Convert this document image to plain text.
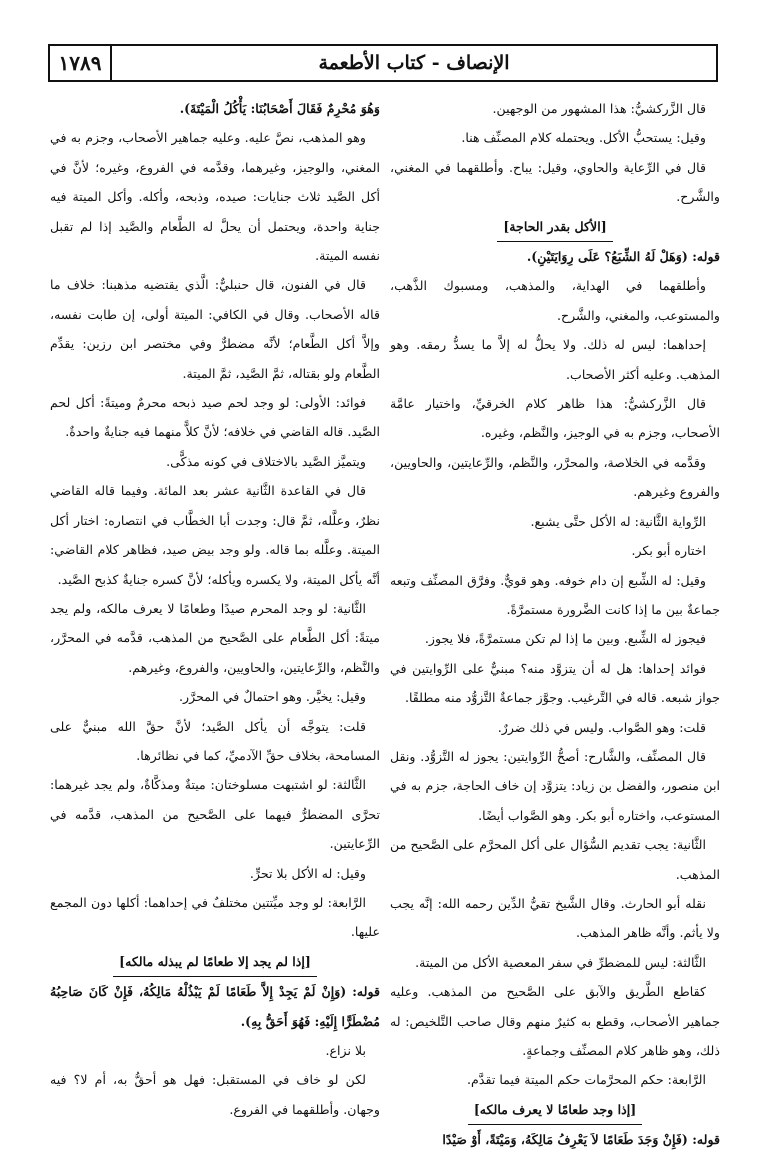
الإنصاف - كتاب الأطعمة
١٧٨٩

قال الزَّركشيُّ: هذا المشهور من الوجهين.

وقيل: يستحبُّ الأكل. ويحتمله كلام المصنِّف هنا.

قال في الرِّعاية والحاوي، وقيل: يباح. وأطلقهما في المغني، والشَّرح.

[الأكل بقدر الحاجة]

قوله: (وَهَلْ لَهُ الشِّبَعُ؟ عَلَى رِوَايَتَيْنِ).

وأطلقهما في الهداية، والمذهب، ومسبوك الذَّهب، والمستوعب، والمغني، والشَّرح.

إحداهما: ليس له ذلك. ولا يحلُّ له إلاَّ ما يسدُّ رمقه. وهو المذهب. وعليه أكثر الأصحاب.

قال الزَّركشيُّ: هذا ظاهر كلام الخرقيِّ، واختيار عامَّة الأصحاب، وجزم به في الوجيز، والنَّظم، وغيره.

وقدَّمه في الخلاصة، والمحرَّر، والنَّظم، والرِّعايتين، والحاويين، والفروع وغيرهم.

الرِّواية الثَّانية: له الأكل حتَّى يشبع.

اختاره أبو بكر.

وقيل: له الشِّبع إن دام خوفه. وهو قويٌّ. وفرَّق المصنِّف وتبعه جماعةٌ بين ما إذا كانت الضَّرورة مستمرَّةً.

فيجوز له الشِّبع. وبين ما إذا لم تكن مستمرَّةً، فلا يجوز.

فوائد إحداها: هل له أن يتزوَّد منه؟ مبنيٌّ على الرِّوايتين في جواز شبعه. قاله في التَّرغيب. وجوَّز جماعةٌ التَّزوُّد منه مطلقًا.

قلت: وهو الصَّواب. وليس في ذلك ضررٌ.

قال المصنِّف، والشَّارح: أصحُّ الرِّوايتين: يجوز له التَّزوُّد. ونقل ابن منصور، والفضل بن زياد: يتزوَّد إن خاف الحاجة، جزم به في المستوعب، واختاره أبو بكر. وهو الصَّواب أيضًا.

الثَّانية: يجب تقديم السُّؤال على أكل المحرَّم على الصَّحيح من المذهب.

نقله أبو الحارث. وقال الشَّيخ تقيُّ الدِّين رحمه الله: إنَّه يجب ولا يأثم. وأنَّه ظاهر المذهب.

الثَّالثة: ليس للمضطرِّ في سفر المعصية الأكل من الميتة.

كقاطع الطَّريق والآبق على الصَّحيح من المذهب. وعليه جماهير الأصحاب، وقطع به كثيرٌ منهم وقال صاحب التَّلخيص: له ذلك، وهو ظاهر كلام المصنِّف وجماعةٍ.

الرَّابعة: حكم المحرَّمات حكم الميتة فيما تقدَّم.

[إذا وجد طعامًا لا يعرف مالكه]

قوله: (فَإِنْ وَجَدَ طَعَامًا لاَ يَعْرِفُ مَالِكَهُ، وَمَيْتَةً، أَوْ صَيْدًا

وَهُوَ مُحْرِمٌ فَقَالَ أَصْحَابُنَا: يَأْكُلُ الْمَيْتَةَ).

وهو المذهب، نصَّ عليه. وعليه جماهير الأصحاب، وجزم به في المغني، والوجيز، وغيرهما، وقدَّمه في الفروع، وغيره؛ لأنَّ في أكل الصَّيد ثلاث جنايات: صيده، وذبحه، وأكله. وأكل الميتة فيه جناية واحدة، ويحتمل أن يحلَّ له الطَّعام والصَّيد إذا لم تقبل نفسه الميتة.

قال في الفنون، قال حنبليٌّ: الَّذي يقتضيه مذهبنا: خلاف ما قاله الأصحاب. وقال في الكافي: الميتة أولى، إن طابت نفسه، وإلاَّ أكل الطَّعام؛ لأنَّه مضطرٌّ وفي مختصر ابن رزين: يقدِّم الطَّعام ولو بقتاله، ثمَّ الصَّيد، ثمَّ الميتة.

فوائد: الأولى: لو وجد لحم صيد ذبحه محرمٌ وميتةً: أكل لحم الصَّيد. قاله القاضي في خلافه؛ لأنَّ كلاًّ منهما فيه جنايةٌ واحدةٌ.

ويتميَّز الصَّيد بالاختلاف في كونه مذكًّى.

قال في القاعدة الثَّانية عشر بعد المائة. وفيما قاله القاضي نظرٌ، وعلَّله، ثمَّ قال: وجدت أبا الخطَّاب في انتصاره: اختار أكل الميتة. وعلَّله بما قاله. ولو وجد بيض صيد، فظاهر كلام القاضي: أنَّه يأكل الميتة، ولا يكسره ويأكله؛ لأنَّ كسره جنايةٌ كذبح الصَّيد.

الثَّانية: لو وجد المحرم صيدًا وطعامًا لا يعرف مالكه، ولم يجد ميتةً: أكل الطَّعام على الصَّحيح من المذهب، قدَّمه في المحرَّر، والنَّظم، والرِّعايتين، والحاويين، والفروع، وغيرهم.

وقيل: يخيَّر. وهو احتمالٌ في المحرَّر.

قلت: يتوجَّه أن يأكل الصَّيد؛ لأنَّ حقَّ الله مبنيٌّ على المسامحة، بخلاف حقِّ الآدميِّ، كما في نظائرها.

الثَّالثة: لو اشتبهت مسلوختان: ميتةٌ ومذكَّاةٌ، ولم يجد غيرهما: تحرَّى المضطرُّ فيهما على الصَّحيح من المذهب، قدَّمه في الرِّعايتين.

وقيل: له الأكل بلا تحرٍّ.

الرَّابعة: لو وجد ميِّتتين مختلفٌ في إحداهما: أكلها دون المجمع عليها.

[إذا لم يجد إلا طعامًا لم يبذله مالكه]

قوله: (وَإِنْ لَمْ يَجِدْ إِلاَّ طَعَامًا لَمْ يَبْذُلْهُ مَالِكُهُ، فَإِنْ كَانَ صَاحِبُهُ مُضْطَرًّا إِلَيْهِ: فَهُوَ أَحَقُّ بِهِ).

بلا نزاع.

لكن لو خاف في المستقبل: فهل هو أحقُّ به، أم لا؟ فيه وجهان. وأطلقهما في الفروع.
